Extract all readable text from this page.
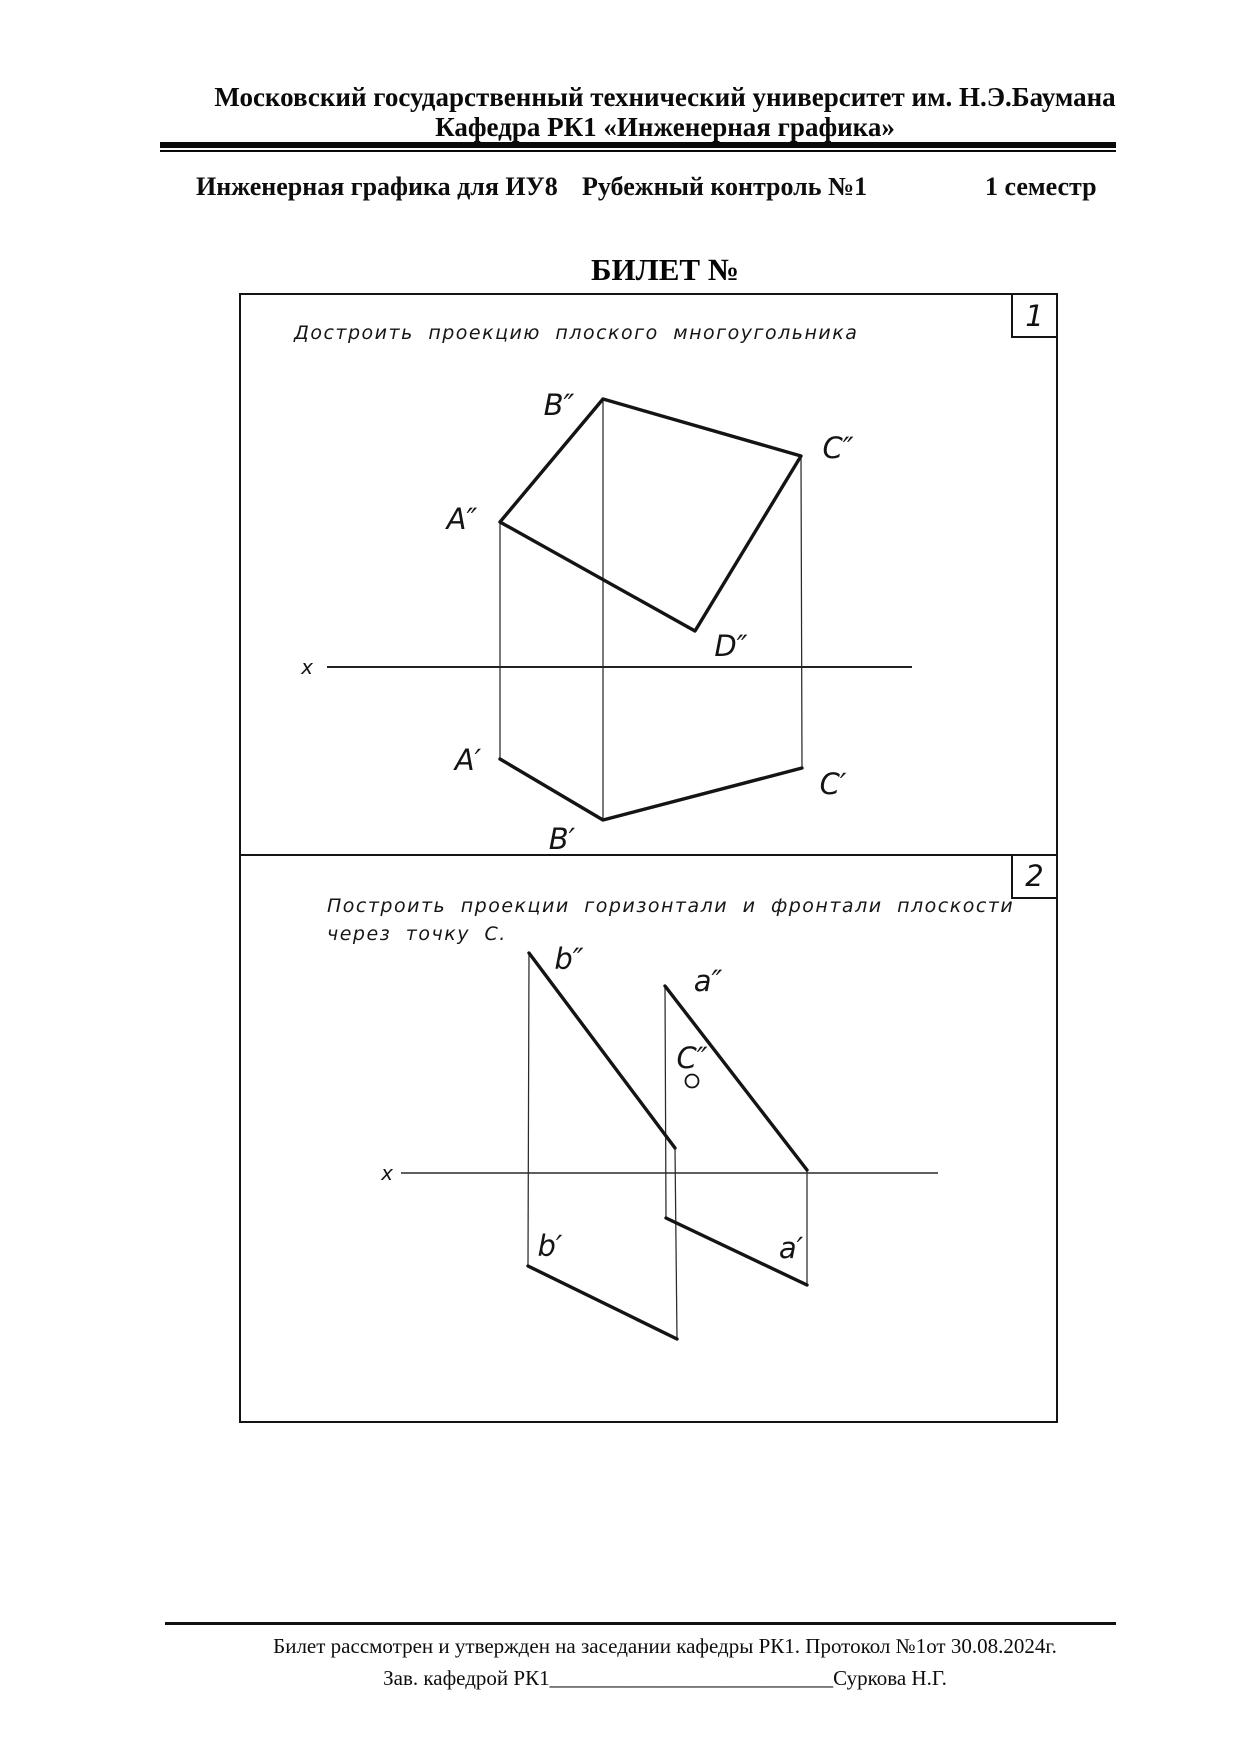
Московский государственный технический университет им. Н.Э.Баумана
Кафедра РК1 «Инженерная графика»
Инженерная графика для ИУ8 Рубежный контроль №1	1 семестр
БИЛЕТ №
1
Достроить проекцию плоского многоугольника
x
B″
C″
A″
D″
A′
B′
C′
2
Построить проекции горизонтали и фронтали плоскости
через точку С.
x
b″
a″
C″
b′	a′
Билет рассмотрен и утвержден на заседании кафедры РК1. Протокол №1от 30.08.2024г.
Зав. кафедрой РК1___________________________Суркова Н.Г.
